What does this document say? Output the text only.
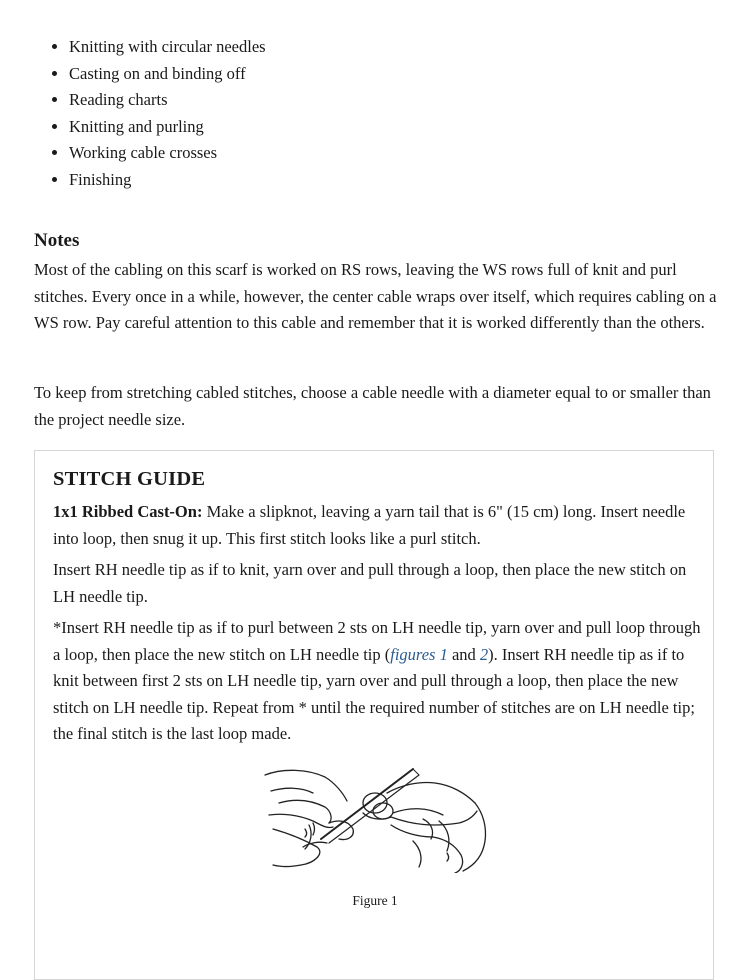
• Knitting with circular needles
• Casting on and binding off
• Reading charts
• Knitting and purling
• Working cable crosses
• Finishing
Notes

Most of the cabling on this scarf is worked on RS rows, leaving the WS rows full of knit and purl stitches. Every once in a while, however, the center cable wraps over itself, which requires cabling on a WS row. Pay careful attention to this cable and remember that it is worked differently than the others.

To keep from stretching cabled stitches, choose a cable needle with a diameter equal to or smaller than the project needle size.

STITCH GUIDE

1x1 Ribbed Cast-On: Make a slipknot, leaving a yarn tail that is 6" (15 cm) long. Insert needle into loop, then snug it up. This first stitch looks like a purl stitch.

Insert RH needle tip as if to knit, yarn over and pull through a loop, then place the new stitch on LH needle tip.

*Insert RH needle tip as if to purl between 2 sts on LH needle tip, yarn over and pull loop through a loop, then place the new stitch on LH needle tip (figures 1 and 2). Insert RH needle tip as if to knit between first 2 sts on LH needle tip, yarn over and pull through a loop, then place the new stitch on LH needle tip. Repeat from * until the required number of stitches are on LH needle tip; the final stitch is the last loop made.

Figure 1
